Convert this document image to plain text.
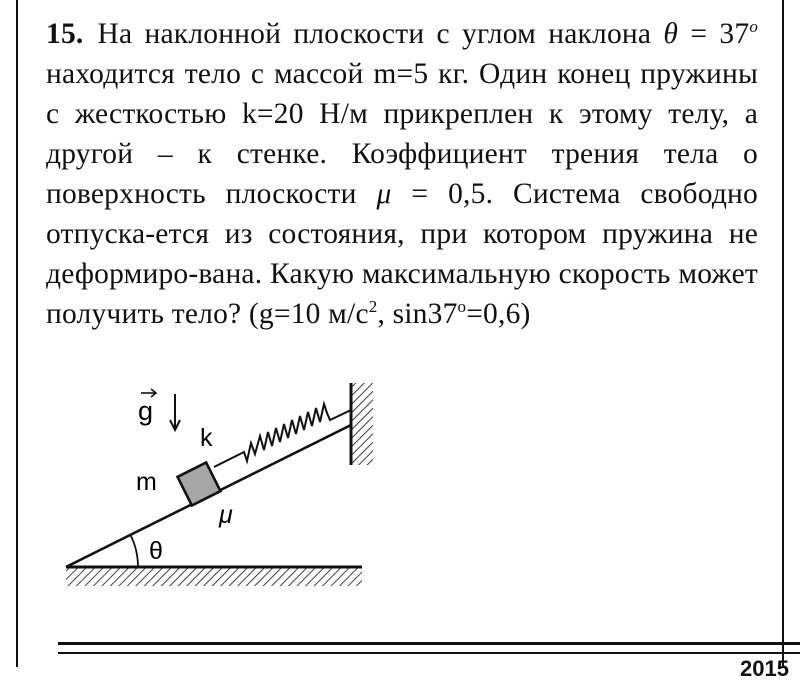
15. На наклонной плоскости с углом наклона $\theta = 37^o$ находится тело с массой m=5 кг. Один конец пружины с жесткостью k=20 Н/м прикреплен к этому телу, а другой – к стенке. Коэффициент трения тела о поверхность плоскости μ = 0,5. Система свободно отпуска-ется из состояния, при котором пружина не деформиро-вана. Какую максимальную скорость может получить тело? (g=10 $м/с^2$, $\sin 37^o=0,6$)
g
k
m
μ
θ
2015
